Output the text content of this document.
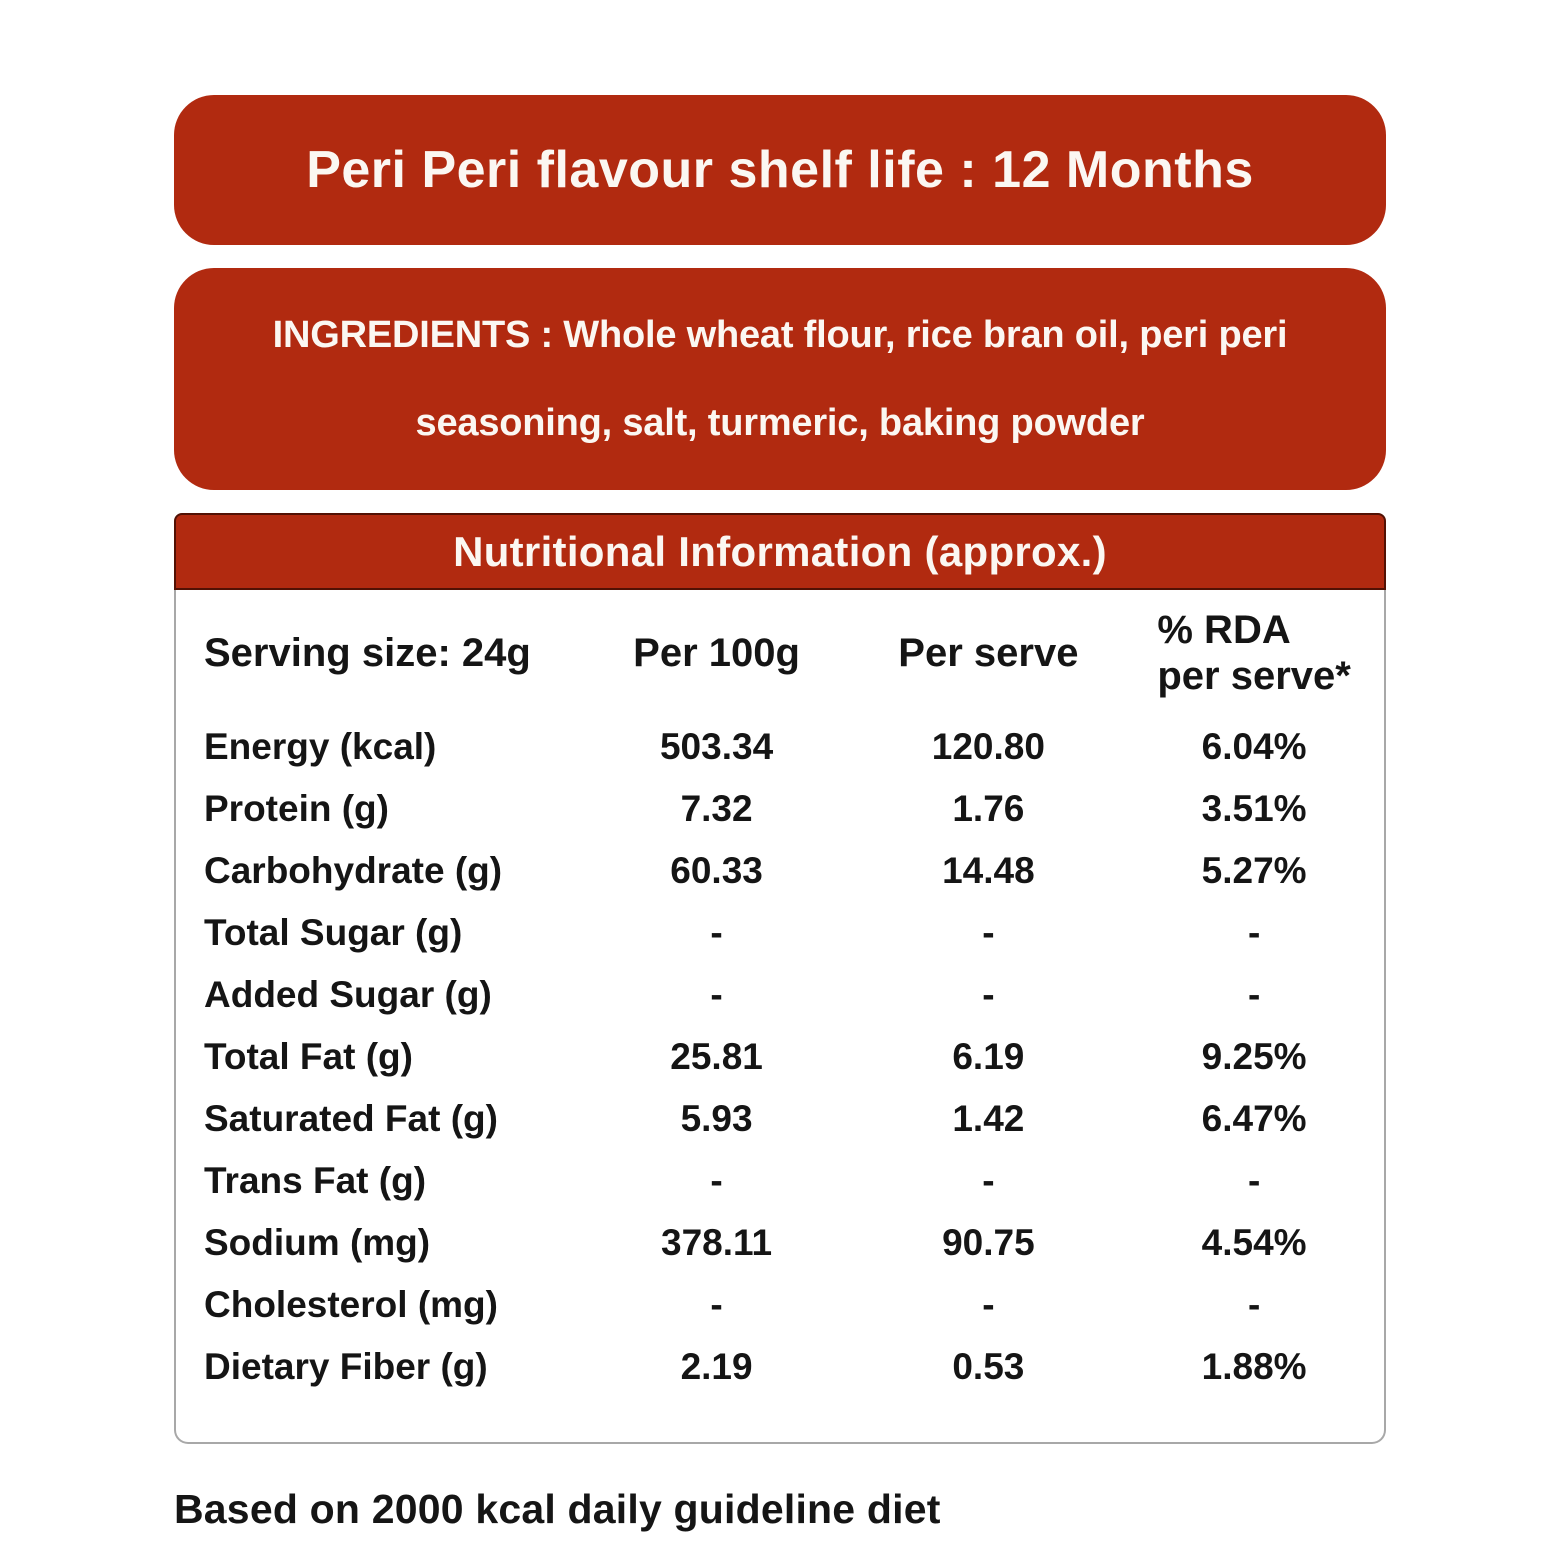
Peri Peri flavour shelf life : 12 Months
INGREDIENTS : Whole wheat flour, rice bran oil, peri peri
seasoning, salt, turmeric, baking powder
Nutritional Information (approx.)
Serving size: 24g	Per 100g	Per serve
% RDA
per serve*
Energy (kcal)	503.34	120.80	6.04%
Protein (g)	7.32	1.76	3.51%
Carbohydrate (g)	60.33	14.48	5.27%
Total Sugar (g)	-	-	-
Added Sugar (g)	-	-	-
Total Fat (g)	25.81	6.19	9.25%
Saturated Fat (g)	5.93	1.42	6.47%
Trans Fat (g)	-	-	-
Sodium (mg)	378.11	90.75	4.54%
Cholesterol (mg)	-	-	-
Dietary Fiber (g)	2.19	0.53	1.88%
Based on 2000 kcal daily guideline diet
